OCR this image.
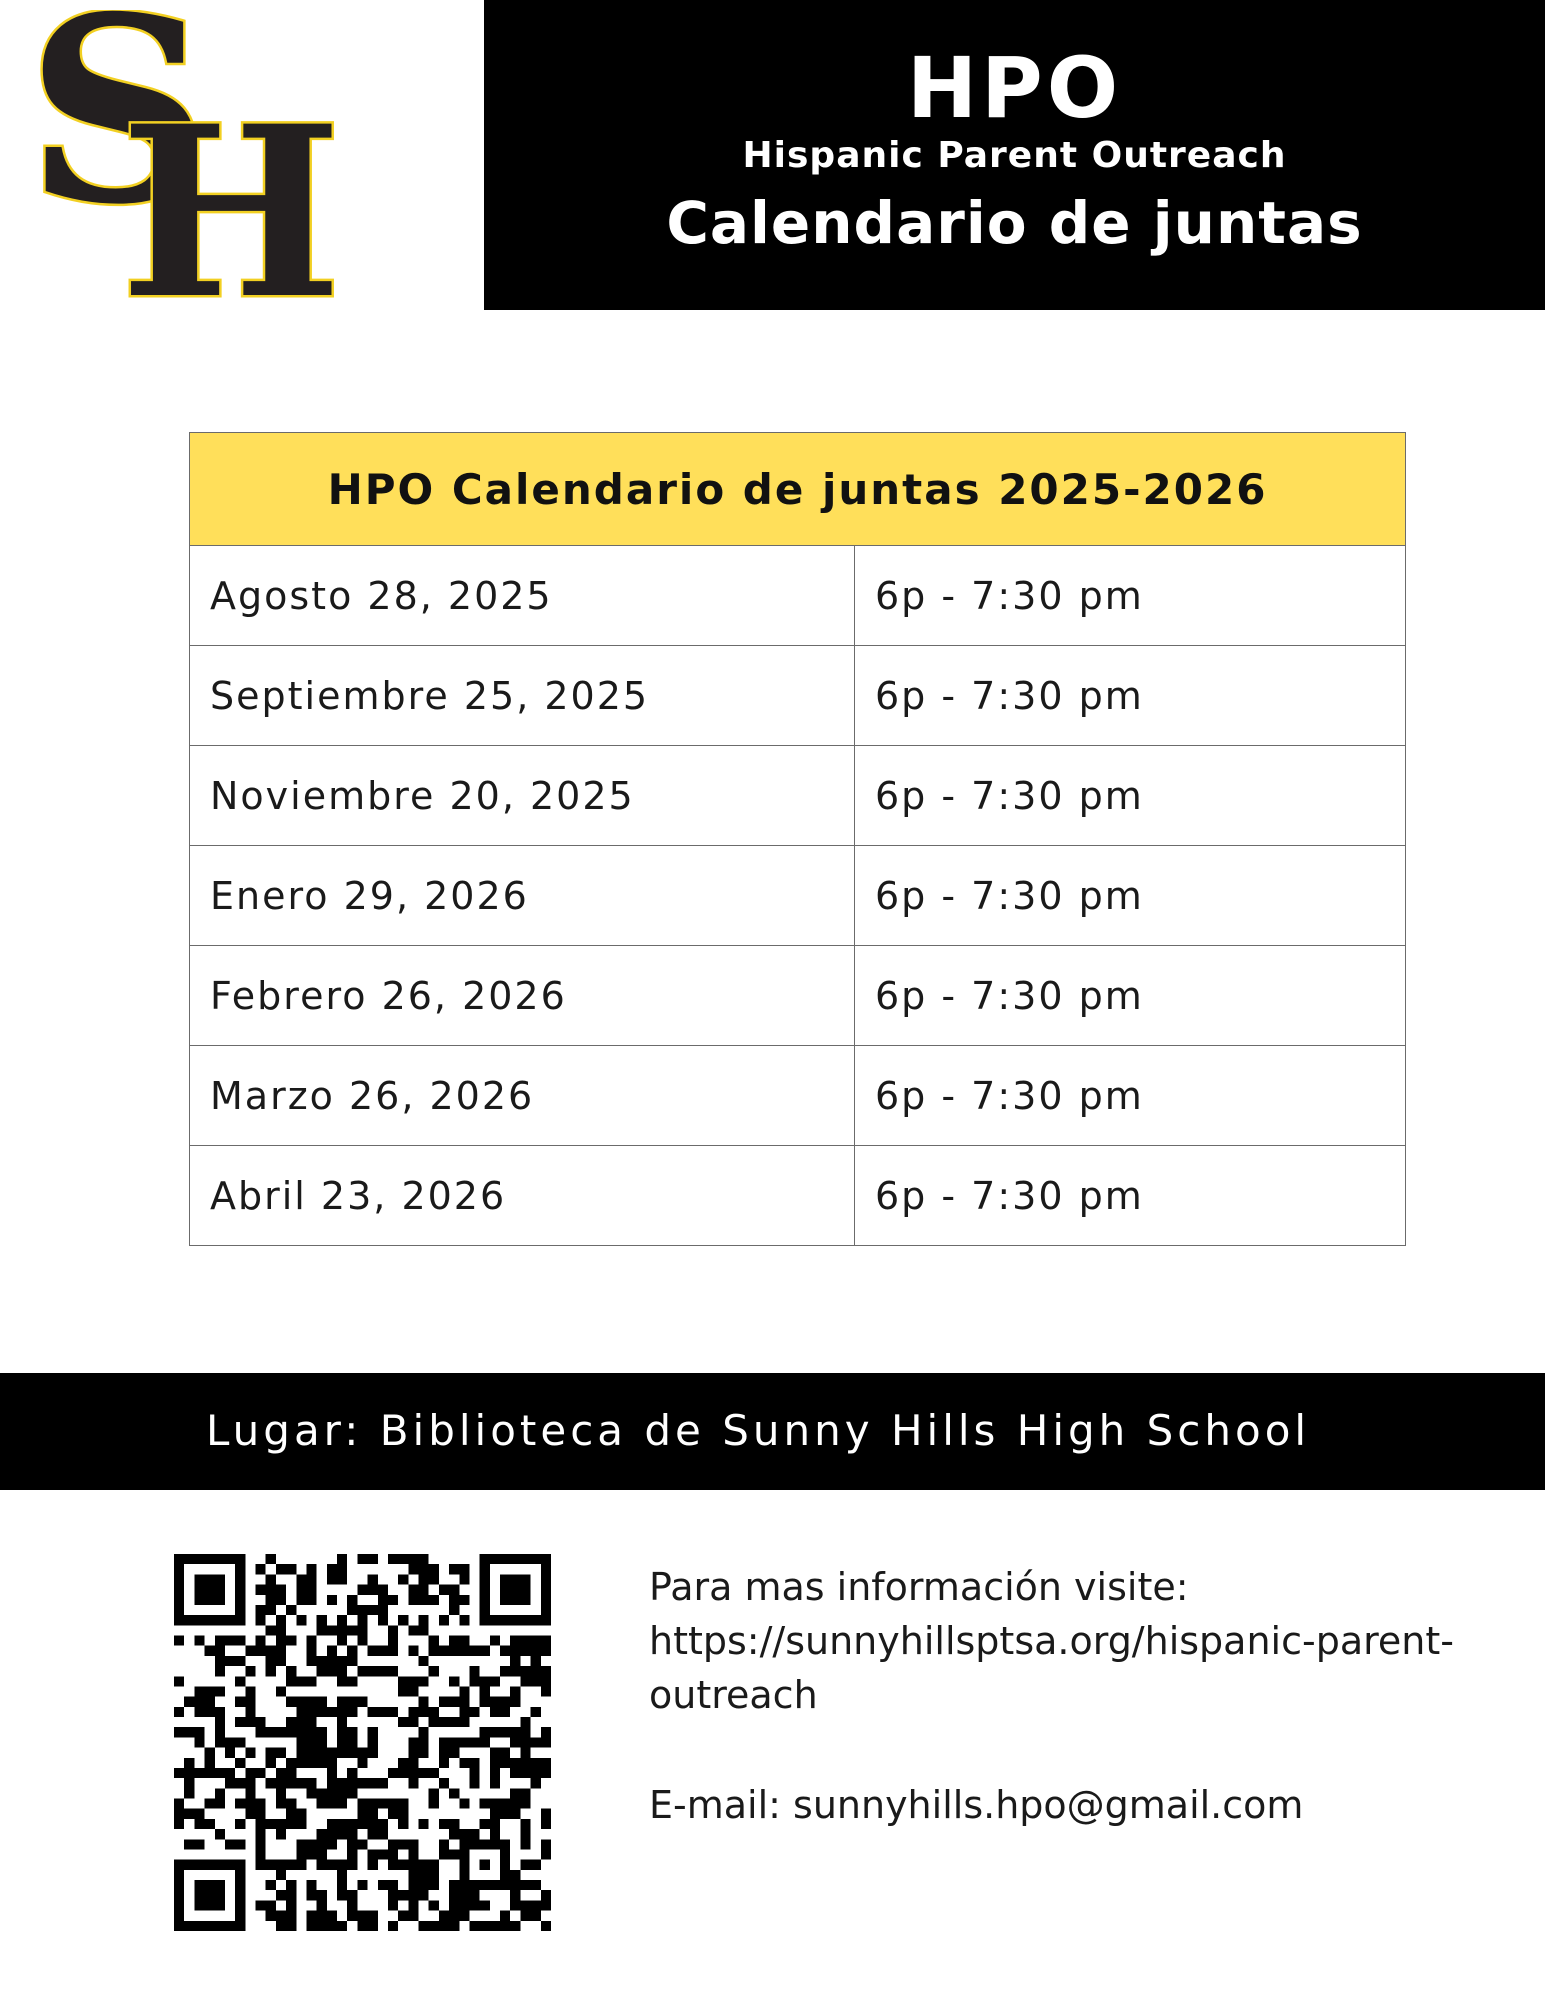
S
H	HPO
Hispanic Parent Outreach
Calendario de juntas
HPO Calendario de juntas 2025-2026	
Agosto 28, 2025	6p - 7:30 pm
Septiembre 25, 2025	6p - 7:30 pm
Noviembre 20, 2025	6p - 7:30 pm
Enero 29, 2026	6p - 7:30 pm
Febrero 26, 2026	6p - 7:30 pm
Marzo 26, 2026	6p - 7:30 pm
Abril 23, 2026	6p - 7:30 pm
Lugar: Biblioteca de Sunny Hills High School

Para mas información visite:

https://sunnyhillsptsa.org/hispanic-parent-
outreach

E-mail: sunnyhills.hpo@gmail.com
